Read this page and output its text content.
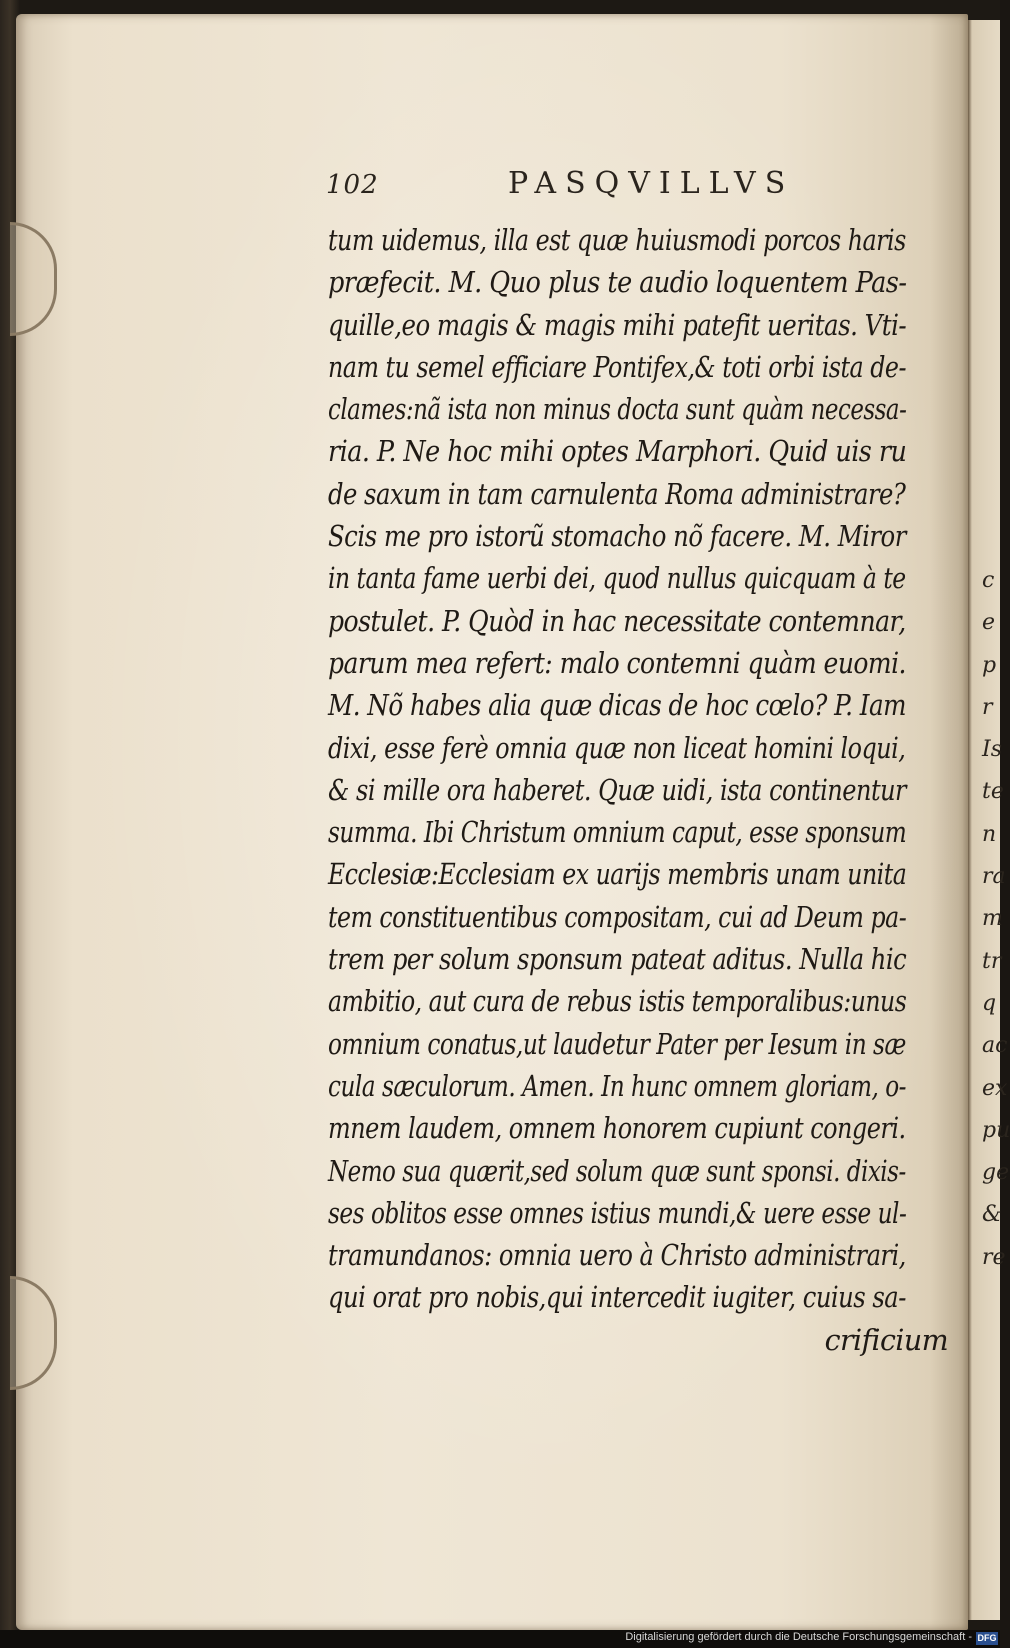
102	PASQVILLVS
tum uidemus, illa est quæ huiusmodi porcos haris
præfecit. M. Quo plus te audio loquentem Pas-
quille,eo magis & magis mihi patefit ueritas. Vti-
nam tu semel efficiare Pontifex,& toti orbi ista de-
clames:nã ista non minus docta sunt quàm necessa-
ria. P. Ne hoc mihi optes Marphori. Quid uis ru
de saxum in tam carnulenta Roma administrare?
Scis me pro istorũ stomacho nõ facere. M. Miror
in tanta fame uerbi dei, quod nullus quicquam à te
postulet. P. Quòd in hac necessitate contemnar,
parum mea refert: malo contemni quàm euomi.
M. Nõ habes alia quæ dicas de hoc cœlo? P. Iam
dixi, esse ferè omnia quæ non liceat homini loqui,
& si mille ora haberet. Quæ uidi, ista continentur
summa. Ibi Christum omnium caput, esse sponsum
Ecclesiæ:Ecclesiam ex uarijs membris unam unita
tem constituentibus compositam, cui ad Deum pa-
trem per solum sponsum pateat aditus. Nulla hic
ambitio, aut cura de rebus istis temporalibus:unus
omnium conatus,ut laudetur Pater per Iesum in sæ
cula sæculorum. Amen. In hunc omnem gloriam, o-
mnem laudem, omnem honorem cupiunt congeri.
Nemo sua quærit,sed solum quæ sunt sponsi. dixis-
ses oblitos esse omnes istius mundi,& uere esse ul-
tramundanos: omnia uero à Christo administrari,
qui orat pro nobis,qui intercedit iugiter, cuius sa-
crificium
c
e
p
r
Is
te
n
ra
m
tr
q
ac
ex
pu
ge
&
re
Digitalisierung gefördert durch die Deutsche Forschungsgemeinschaft - DFG
